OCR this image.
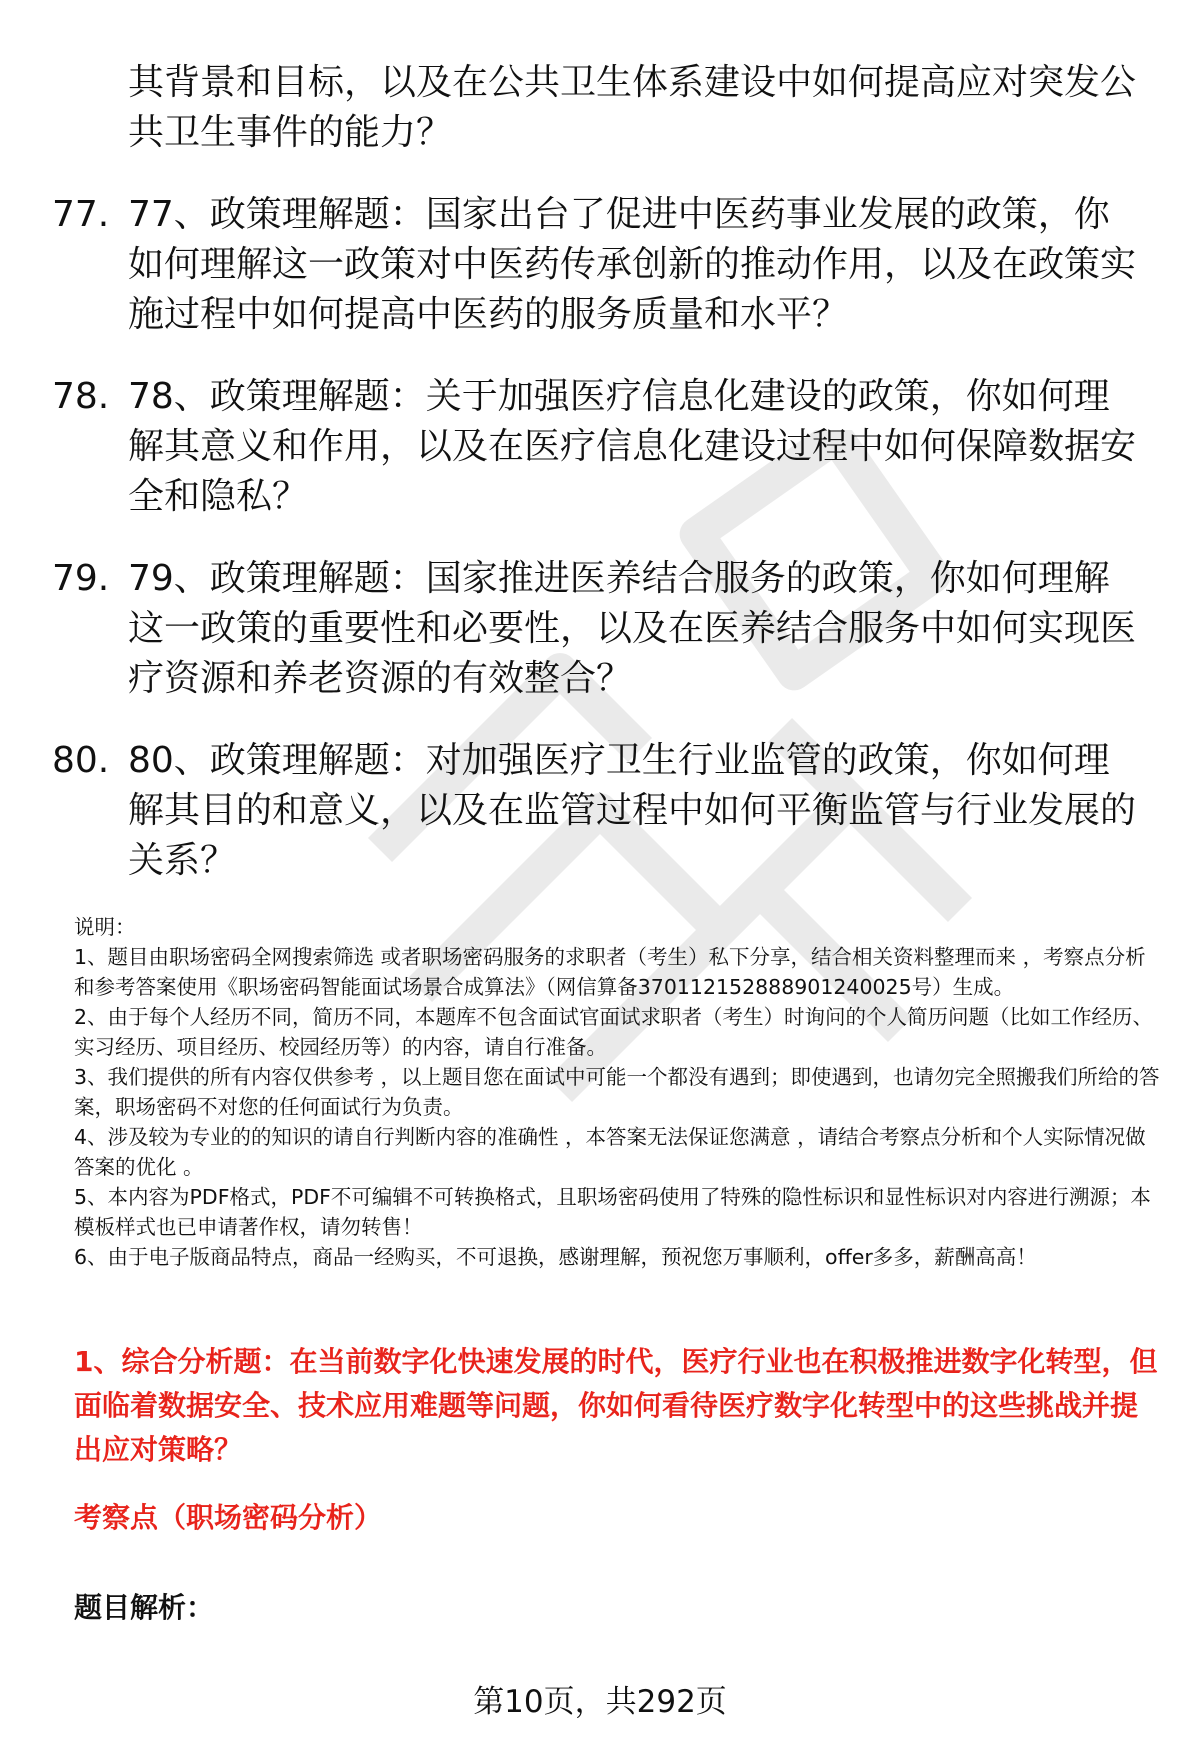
其背景和目标，以及在公共卫生体系建设中如何提高应对突发公共卫生事件的能力？

77. 77、政策理解题：国家出台了促进中医药事业发展的政策，你如何理解这一政策对中医药传承创新的推动作用，以及在政策实施过程中如何提高中医药的服务质量和水平？
78. 78、政策理解题：关于加强医疗信息化建设的政策，你如何理解其意义和作用，以及在医疗信息化建设过程中如何保障数据安全和隐私？
79. 79、政策理解题：国家推进医养结合服务的政策，你如何理解这一政策的重要性和必要性，以及在医养结合服务中如何实现医疗资源和养老资源的有效整合？
80. 80、政策理解题：对加强医疗卫生行业监管的政策，你如何理解其目的和意义，以及在监管过程中如何平衡监管与行业发展的关系？

说明：

1、题目由职场密码全网搜索筛选 或者职场密码服务的求职者（考生）私下分享，结合相关资料整理而来 ，考察点分析和参考答案使用《职场密码智能面试场景合成算法》（网信算备370112152888901240025号）生成。

2、由于每个人经历不同，简历不同，本题库不包含面试官面试求职者（考生）时询问的个人简历问题（比如工作经历、实习经历、项目经历、校园经历等）的内容，请自行准备。

3、我们提供的所有内容仅供参考 ，以上题目您在面试中可能一个都没有遇到；即使遇到，也请勿完全照搬我们所给的答案，职场密码不对您的任何面试行为负责。

4、涉及较为专业的的知识的请自行判断内容的准确性 ，本答案无法保证您满意 ，请结合考察点分析和个人实际情况做答案的优化 。

5、本内容为PDF格式，PDF不可编辑不可转换格式，且职场密码使用了特殊的隐性标识和显性标识对内容进行溯源；本模板样式也已申请著作权，请勿转售！

6、由于电子版商品特点，商品一经购买，不可退换，感谢理解，预祝您万事顺利，offer多多，薪酬高高！

1、综合分析题：在当前数字化快速发展的时代，医疗行业也在积极推进数字化转型，但面临着数据安全、技术应用难题等问题，你如何看待医疗数字化转型中的这些挑战并提出应对策略？

考察点（职场密码分析）

题目解析：

第10页，共292页
